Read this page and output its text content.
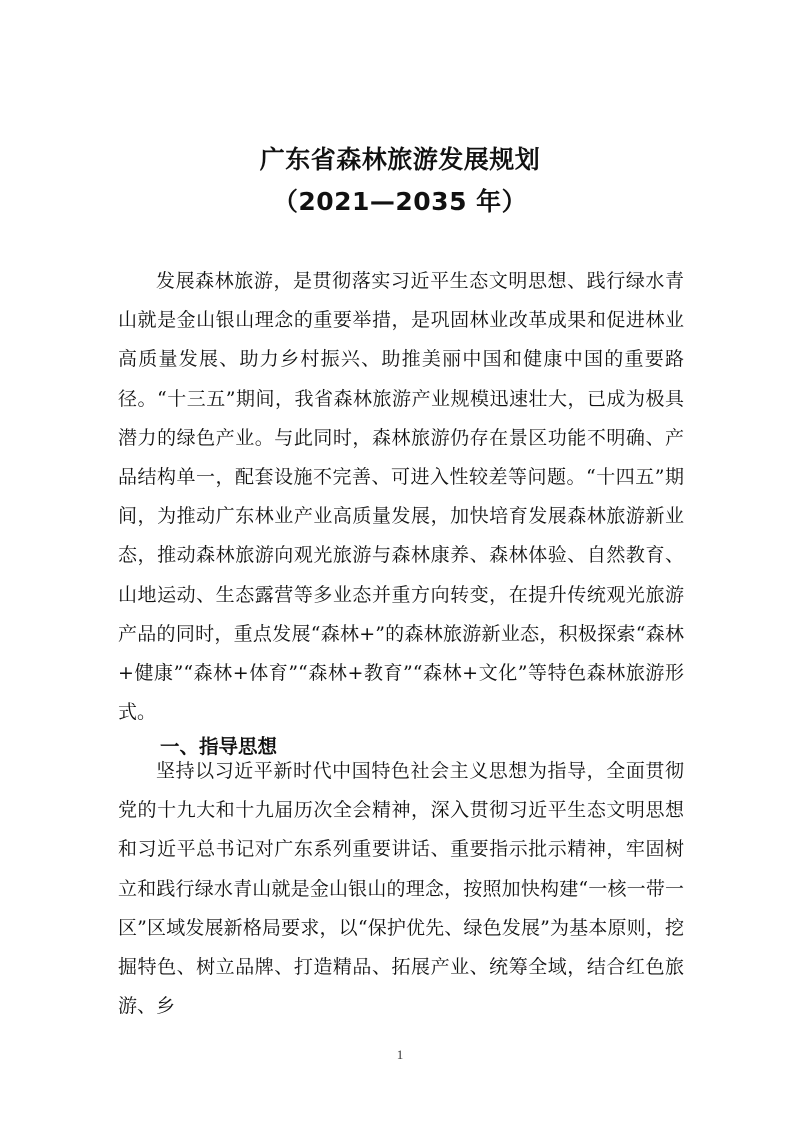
广东省森林旅游发展规划
（2021—2035 年）

发展森林旅游，是贯彻落实习近平生态文明思想、践行绿水青山就是金山银山理念的重要举措，是巩固林业改革成果和促进林业高质量发展、助力乡村振兴、助推美丽中国和健康中国的重要路径。“十三五”期间，我省森林旅游产业规模迅速壮大，已成为极具潜力的绿色产业。与此同时，森林旅游仍存在景区功能不明确、产品结构单一，配套设施不完善、可进入性较差等问题。“十四五”期间，为推动广东林业产业高质量发展，加快培育发展森林旅游新业态，推动森林旅游向观光旅游与森林康养、森林体验、自然教育、山地运动、生态露营等多业态并重方向转变，在提升传统观光旅游产品的同时，重点发展“森林+”的森林旅游新业态，积极探索“森林+健康”“森林+体育”“森林+教育”“森林+文化”等特色森林旅游形式。

一、指导思想

坚持以习近平新时代中国特色社会主义思想为指导，全面贯彻党的十九大和十九届历次全会精神，深入贯彻习近平生态文明思想和习近平总书记对广东系列重要讲话、重要指示批示精神，牢固树立和践行绿水青山就是金山银山的理念，按照加快构建“一核一带一区”区域发展新格局要求，以“保护优先、绿色发展”为基本原则，挖掘特色、树立品牌、打造精品、拓展产业、统筹全域，结合红色旅游、乡

1
